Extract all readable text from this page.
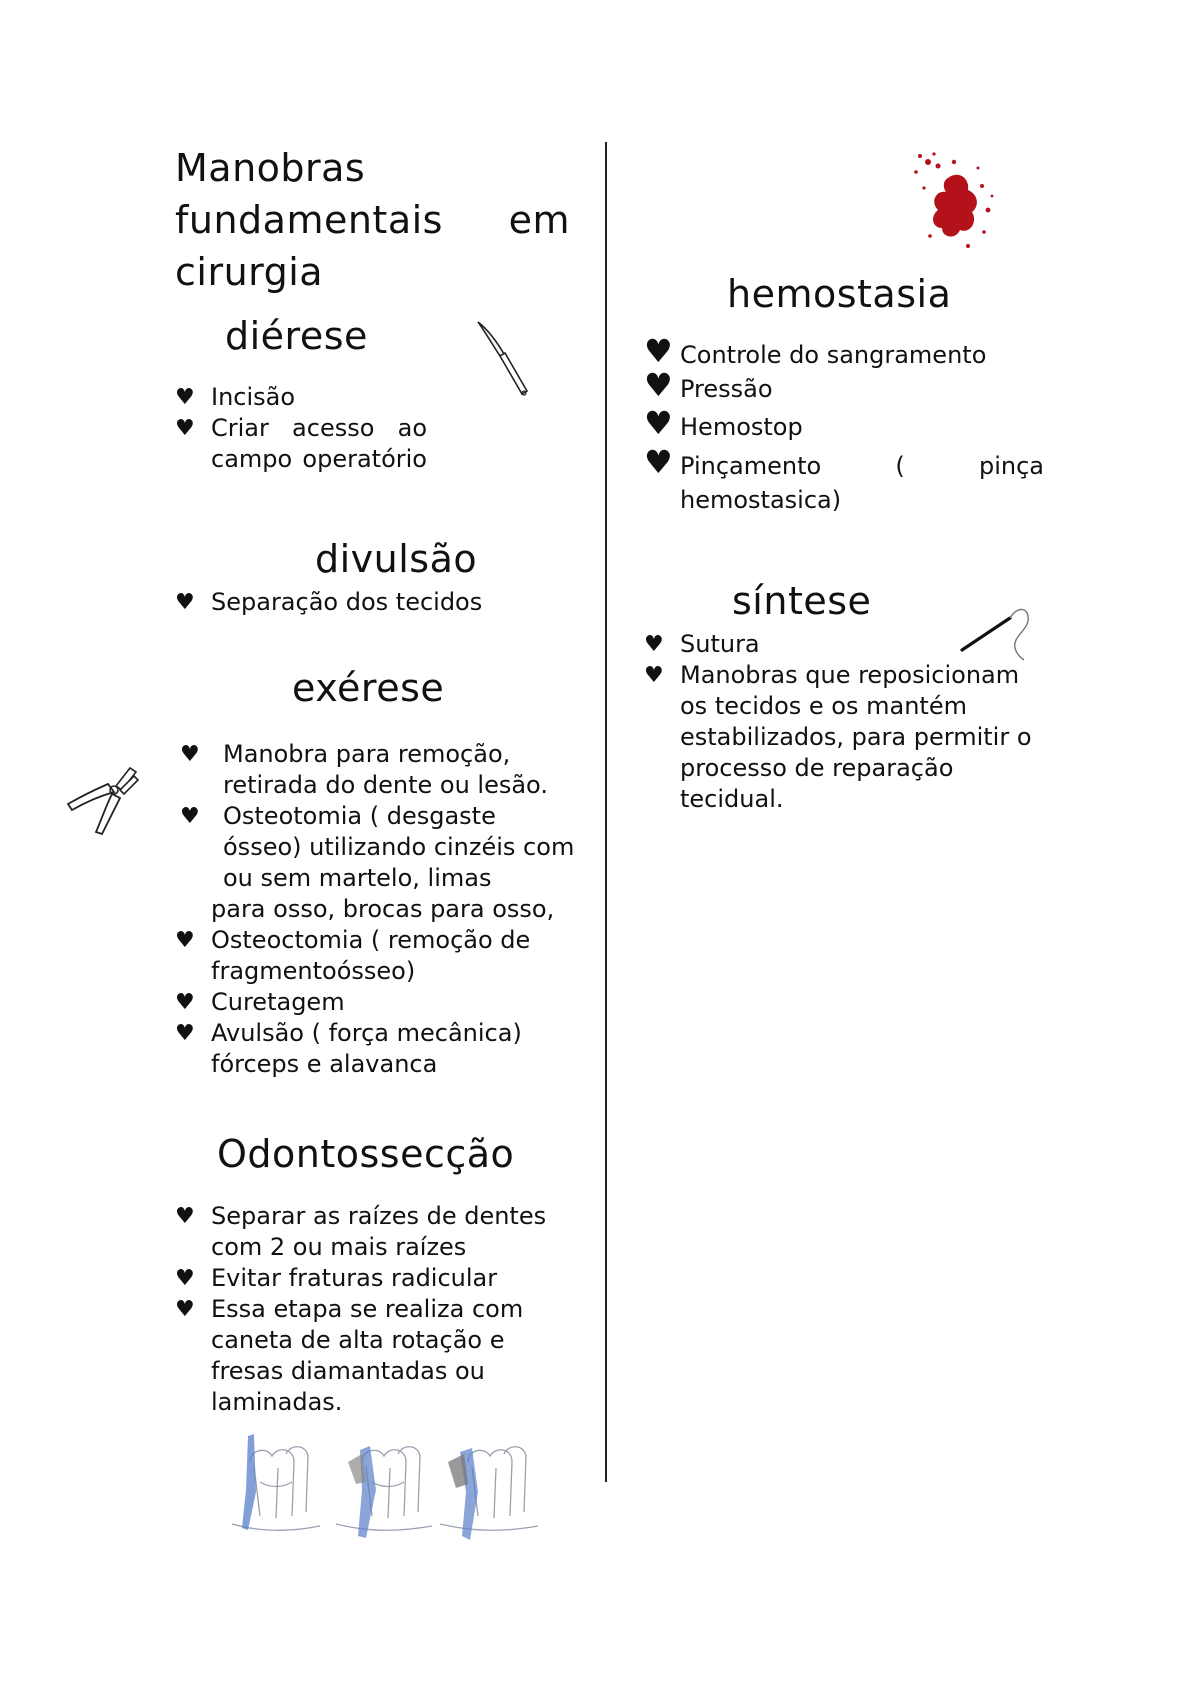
Manobras
fundamentais em
cirurgia
diérese
♥ Incisão
♥ Criar acesso ao campo operatório
divulsão
♥ Separação dos tecidos
exérese
♥ Manobra para remoção, retirada do dente ou lesão.
♥ Osteotomia ( desgaste ósseo) utilizando cinzéis com ou sem martelo, limas
para osso, brocas para osso,
♥ Osteoctomia ( remoção de fragmentoósseo)
♥ Curetagem
♥ Avulsão ( força mecânica) fórceps e alavanca
Odontossecção
♥ Separar as raízes de dentes com 2 ou mais raízes
♥ Evitar fraturas radicular
♥ Essa etapa se realiza com caneta de alta rotação e fresas diamantadas ou laminadas.
hemostasia
♥ Controle do sangramento
♥ Pressão
♥ Hemostop
♥ Pinçamento ( pinça hemostasica)
síntese
♥ Sutura
♥ Manobras que reposicionam os tecidos e os mantém estabilizados, para permitir o processo de reparação tecidual.
